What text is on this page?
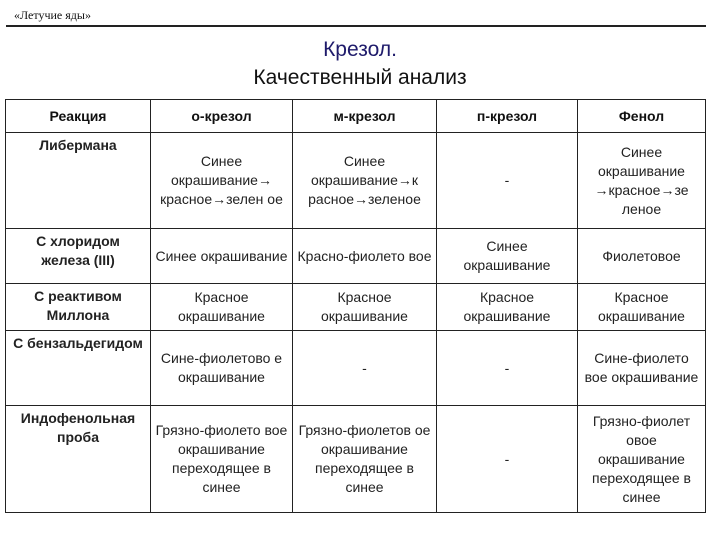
«Летучие яды»
Крезол.
Качественный анализ
Реакция	о-крезол	м-крезол	п-крезол	Фенол
Либермана	Синее окрашивание→ красное→зелен ое	Синее окрашивание→к расное→зеленое	-	Синее окрашивание →красное→зе леное
С хлоридом железа (III)	Синее окрашивание	Красно-фиолето вое	Синее окрашивание	Фиолетовое
С реактивом Миллона	Красное окрашивание	Красное окрашивание	Красное окрашивание	Красное окрашивание
С бензальдегидом	Сине-фиолетово е окрашивание	-	-	Сине-фиолето вое окрашивание
Индофенольная проба	Грязно-фиолето вое окрашивание переходящее в синее	Грязно-фиолетов ое окрашивание переходящее в синее	-	Грязно-фиолет овое окрашивание переходящее в синее
